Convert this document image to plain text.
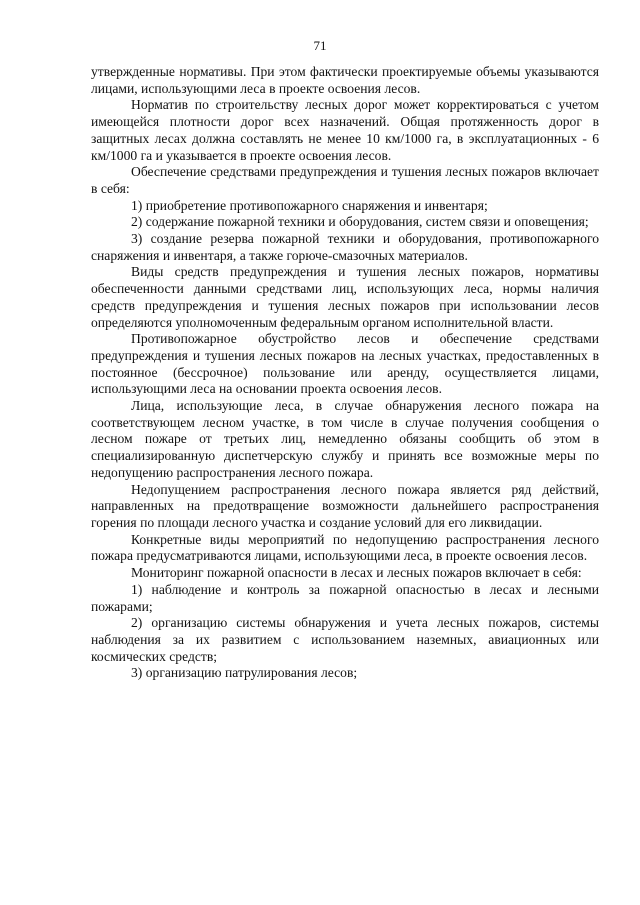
71

утвержденные нормативы. При этом фактически проектируемые объемы указываются лицами, использующими леса в проекте освоения лесов.

Норматив по строительству лесных дорог может корректироваться с учетом имеющейся плотности дорог всех назначений. Общая протяженность дорог в защитных лесах должна составлять не менее 10 км/1000 га, в эксплуатационных - 6 км/1000 га и указывается в проекте освоения лесов.

Обеспечение средствами предупреждения и тушения лесных пожаров включает в себя:

1) приобретение противопожарного снаряжения и инвентаря;

2) содержание пожарной техники и оборудования, систем связи и оповещения;

3) создание резерва пожарной техники и оборудования, противопожарного снаряжения и инвентаря, а также горюче-смазочных материалов.

Виды средств предупреждения и тушения лесных пожаров, нормативы обеспеченности данными средствами лиц, использующих леса, нормы наличия средств предупреждения и тушения лесных пожаров при использовании лесов определяются уполномоченным федеральным органом исполнительной власти.

Противопожарное обустройство лесов и обеспечение средствами предупреждения и тушения лесных пожаров на лесных участках, предоставленных в постоянное (бессрочное) пользование или аренду, осуществляется лицами, использующими леса на основании проекта освоения лесов.

Лица, использующие леса, в случае обнаружения лесного пожара на соответствующем лесном участке, в том числе в случае получения сообщения о лесном пожаре от третьих лиц, немедленно обязаны сообщить об этом в специализированную диспетчерскую службу и принять все возможные меры по недопущению распространения лесного пожара.

Недопущением распространения лесного пожара является ряд действий, направленных на предотвращение возможности дальнейшего распространения горения по площади лесного участка и создание условий для его ликвидации.

Конкретные виды мероприятий по недопущению распространения лесного пожара предусматриваются лицами, использующими леса, в проекте освоения лесов.

Мониторинг пожарной опасности в лесах и лесных пожаров включает в себя:

1) наблюдение и контроль за пожарной опасностью в лесах и лесными пожарами;

2) организацию системы обнаружения и учета лесных пожаров, системы наблюдения за их развитием с использованием наземных, авиационных или космических средств;

3) организацию патрулирования лесов;
